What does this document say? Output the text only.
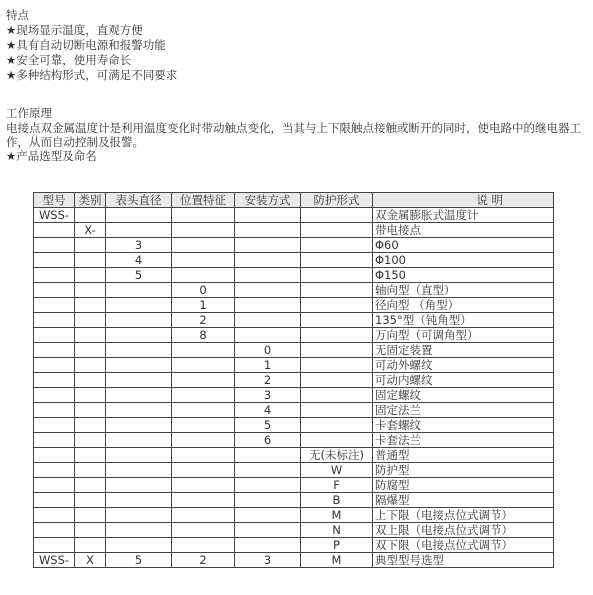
特点
★现场显示温度，直观方便
★具有自动切断电源和报警功能
★安全可靠，使用寿命长
★多种结构形式，可满足不同要求
工作原理
电接点双金属温度计是利用温度变化时带动触点变化，当其与上下限触点接触或断开的同时，使电路中的继电器工作，从而自动控制及报警。
★产品选型及命名
型号	类别	表头直径	位置特征	安装方式	防护形式	说 明
WSS-						双金属膨胀式温度计
	X-					带电接点
		3				Φ60
		4				Φ100
		5				Φ150
			0			轴向型（直型）
			1			径向型 （角型）
			2			135°型（钝角型）
			8			万向型（可调角型）
				0		无固定装置
				1		可动外螺纹
				2		可动内螺纹
				3		固定螺纹
				4		固定法兰
				5		卡套螺纹
				6		卡套法兰
					无(未标注)	普通型
					W	防护型
					F	防腐型
					B	隔爆型
					M	上下限（电接点位式调节）
					N	双上限（电接点位式调节）
					P	双下限（电接点位式调节）
WSS-	X	5	2	3	M	典型型号选型
